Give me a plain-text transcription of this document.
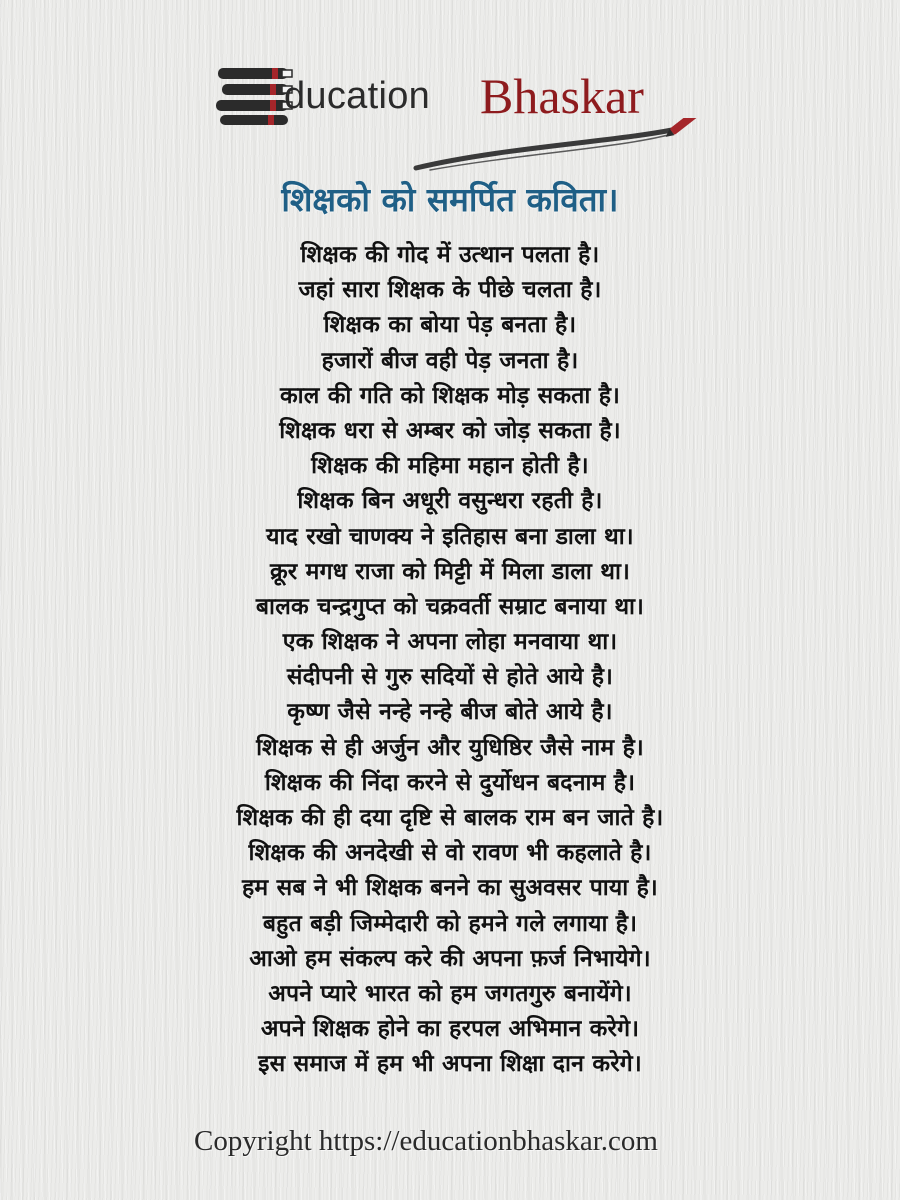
ducation Bhaskar
शिक्षको को समर्पित कविता।
शिक्षक की गोद में उत्थान पलता है।
जहां सारा शिक्षक के पीछे चलता है।
शिक्षक का बोया पेड़ बनता है।
हजारों बीज वही पेड़ जनता है।
काल की गति को शिक्षक मोड़ सकता है।
शिक्षक धरा से अम्बर को जोड़ सकता है।
शिक्षक की महिमा महान होती है।
शिक्षक बिन अधूरी वसुन्धरा रहती है।
याद रखो चाणक्य ने इतिहास बना डाला था।
क्रूर मगध राजा को मिट्टी में मिला डाला था।
बालक चन्द्रगुप्त को चक्रवर्ती सम्राट बनाया था।
एक शिक्षक ने अपना लोहा मनवाया था।
संदीपनी से गुरु सदियों से होते आये है।
कृष्ण जैसे नन्हे नन्हे बीज बोते आये है।
शिक्षक से ही अर्जुन और युधिष्ठिर जैसे नाम है।
शिक्षक की निंदा करने से दुर्योधन बदनाम है।
शिक्षक की ही दया दृष्टि से बालक राम बन जाते है।
शिक्षक की अनदेखी से वो रावण भी कहलाते है।
हम सब ने भी शिक्षक बनने का सुअवसर पाया है।
बहुत बड़ी जिम्मेदारी को हमने गले लगाया है।
आओ हम संकल्प करे की अपना फ़र्ज निभायेगे।
अपने प्यारे भारत को हम जगतगुरु बनायेंगे।
अपने शिक्षक होने का हरपल अभिमान करेगे।
इस समाज में हम भी अपना शिक्षा दान करेगे।
Copyright https://educationbhaskar.com
